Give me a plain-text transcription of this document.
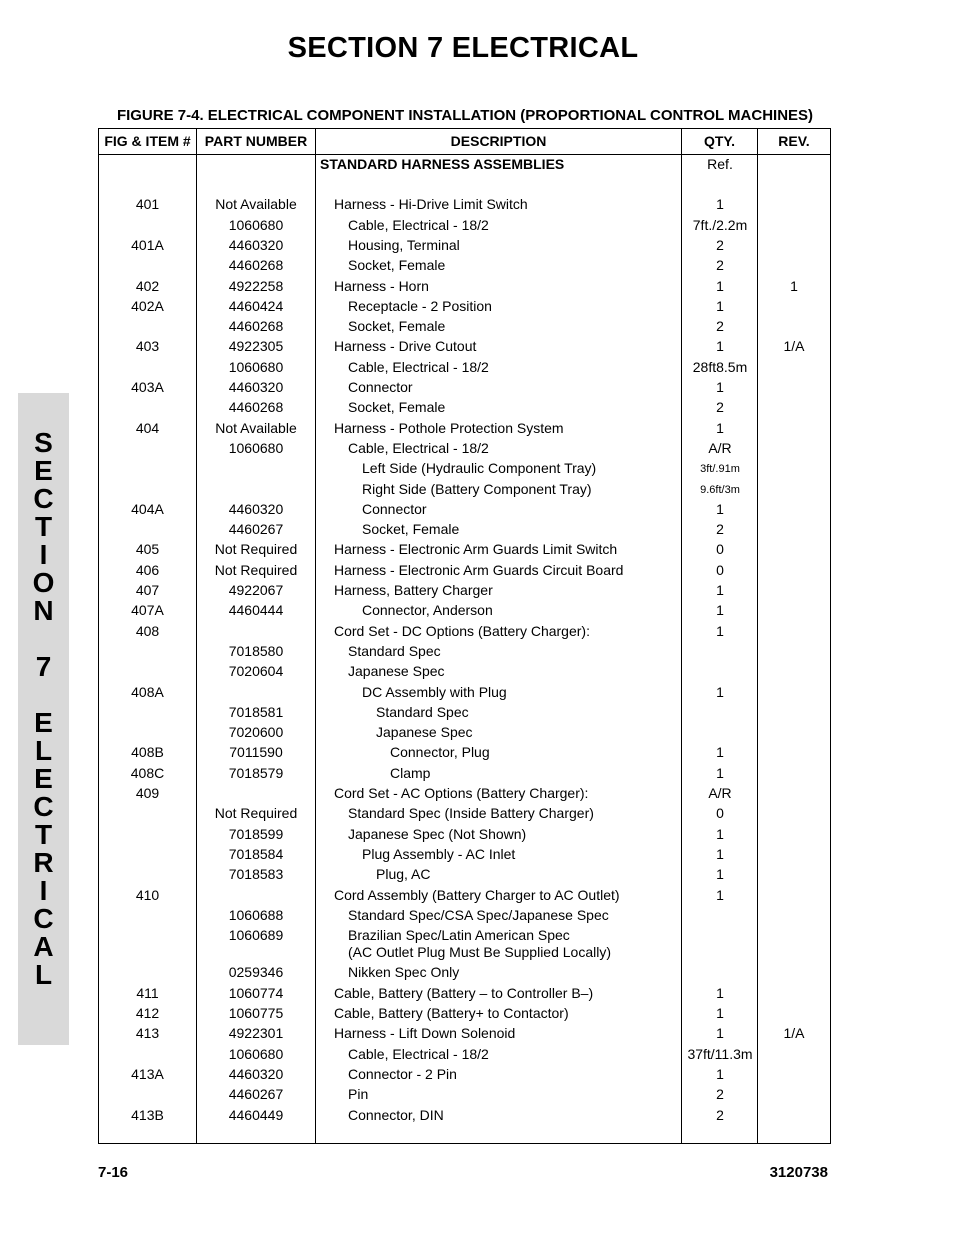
SECTION 7 ELECTRICAL
FIGURE 7-4. ELECTRICAL COMPONENT INSTALLATION (PROPORTIONAL CONTROL MACHINES)
S
E
C
T
I
O
N
7
E
L
E
C
T
R
I
C
A
L
FIG & ITEM #	PART NUMBER	DESCRIPTION	QTY.	REV.
STANDARD HARNESS ASSEMBLIES	Ref.
401	Not Available	Harness - Hi-Drive Limit Switch	1
1060680	Cable, Electrical - 18/2	7ft./2.2m
401A	4460320	Housing, Terminal	2
4460268	Socket, Female	2
402	4922258	Harness - Horn	1	1
402A	4460424	Receptacle - 2 Position	1
4460268	Socket, Female	2
403	4922305	Harness - Drive Cutout	1	1/A
1060680	Cable, Electrical - 18/2	28ft8.5m
403A	4460320	Connector	1
4460268	Socket, Female	2
404	Not Available	Harness - Pothole Protection System	1
1060680	Cable, Electrical - 18/2	A/R
Left Side (Hydraulic Component Tray)	3ft/.91m
Right Side (Battery Component Tray)	9.6ft/3m
404A	4460320	Connector	1
4460267	Socket, Female	2
405	Not Required	Harness - Electronic Arm Guards Limit Switch	0
406	Not Required	Harness - Electronic Arm Guards Circuit Board	0
407	4922067	Harness, Battery Charger	1
407A	4460444	Connector, Anderson	1
408	Cord Set - DC Options (Battery Charger):	1
7018580	Standard Spec
7020604	Japanese Spec
408A	DC Assembly with Plug	1
7018581	Standard Spec
7020600	Japanese Spec
408B	7011590	Connector, Plug	1
408C	7018579	Clamp	1
409	Cord Set - AC Options (Battery Charger):	A/R
Not Required	Standard Spec (Inside Battery Charger)	0
7018599	Japanese Spec (Not Shown)	1
7018584	Plug Assembly - AC Inlet	1
7018583	Plug, AC	1
410	Cord Assembly (Battery Charger to AC Outlet)	1
1060688	Standard Spec/CSA Spec/Japanese Spec
1060689	Brazilian Spec/Latin American Spec
(AC Outlet Plug Must Be Supplied Locally)
0259346	Nikken Spec Only
411	1060774	Cable, Battery (Battery – to Controller B–)	1
412	1060775	Cable, Battery (Battery+ to Contactor)	1
413	4922301	Harness - Lift Down Solenoid	1	1/A
1060680	Cable, Electrical - 18/2	37ft/11.3m
413A	4460320	Connector - 2 Pin	1
4460267	Pin	2
413B	4460449	Connector, DIN	2
7-16	3120738
